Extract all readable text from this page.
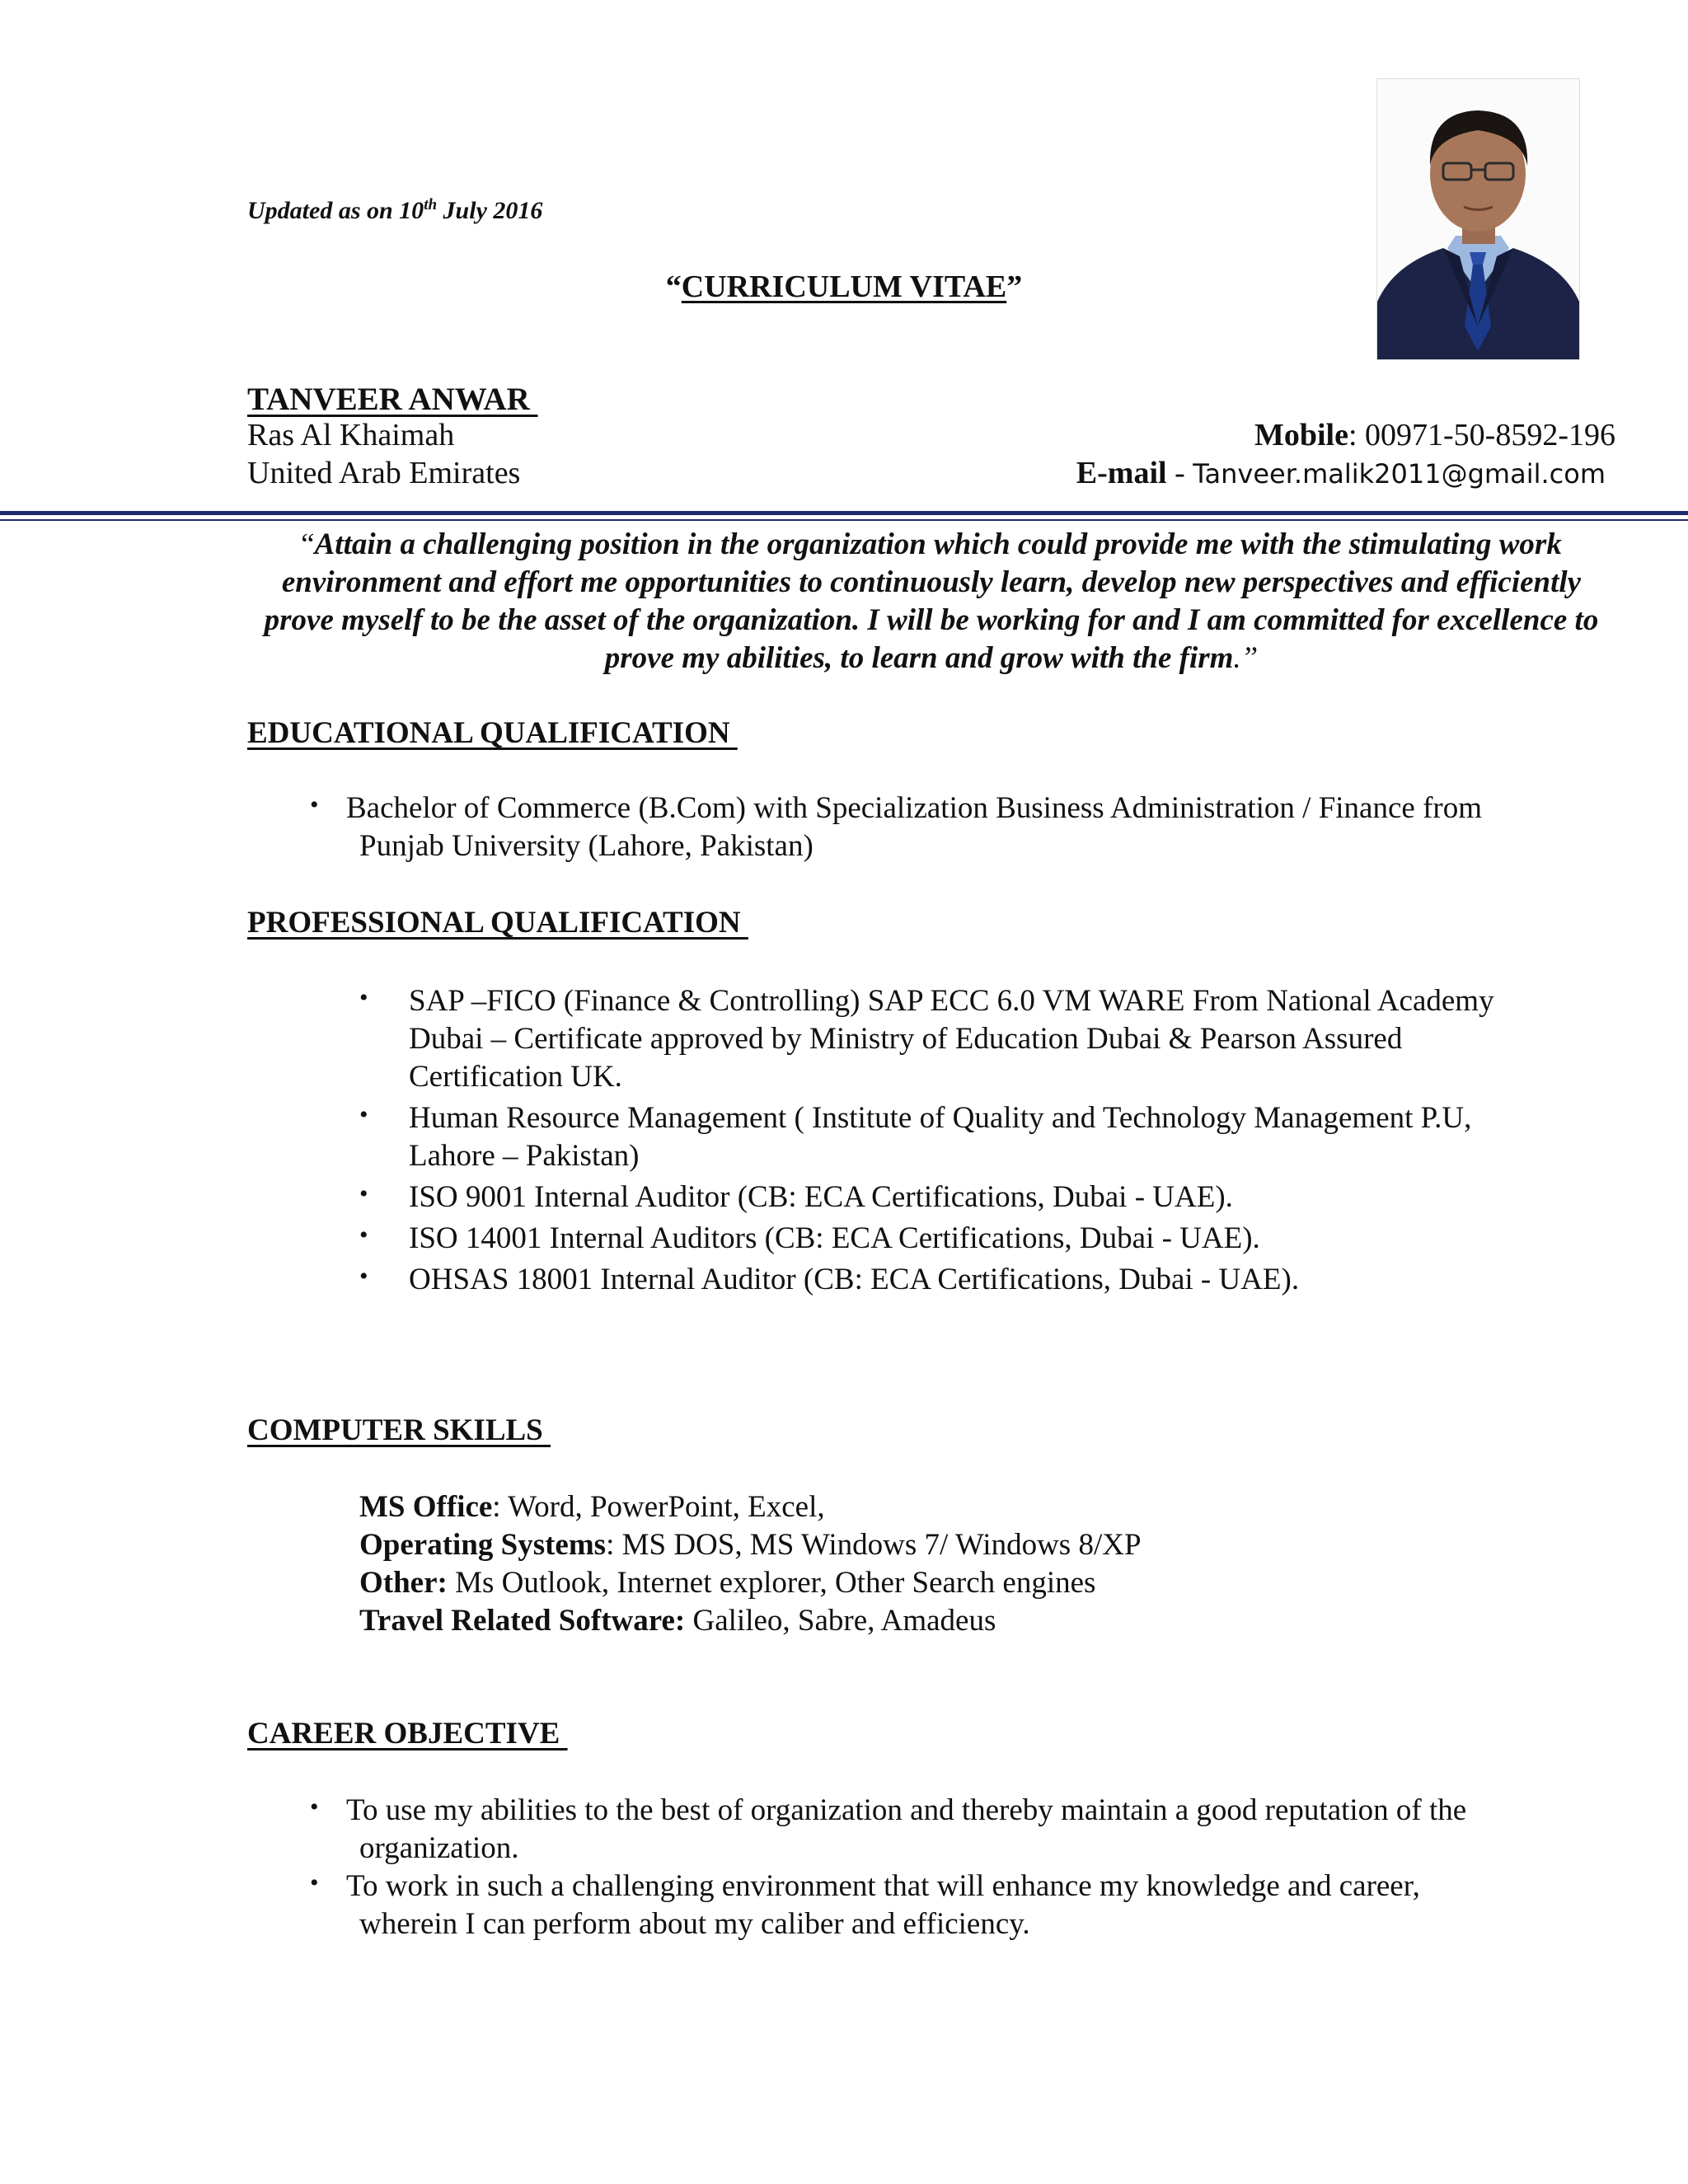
Updated as on 10th July 2016
“CURRICULUM VITAE”
TANVEER ANWAR
Ras Al Khaimah
United Arab Emirates
Mobile: 00971-50-8592-196
E-mail - Tanveer.malik2011@gmail.com
“Attain a challenging position in the organization which could provide me with the stimulating work environment and effort me opportunities to continuously learn, develop new perspectives and efficiently prove myself to be the asset of the organization. I will be working for and I am committed for excellence to prove my abilities, to learn and grow with the firm.”
EDUCATIONAL QUALIFICATION
• Bachelor of Commerce (B.Com) with Specialization Business Administration / Finance from
Punjab University (Lahore, Pakistan)
PROFESSIONAL QUALIFICATION
• SAP –FICO (Finance & Controlling) SAP ECC 6.0 VM WARE From National Academy
Dubai – Certificate approved by Ministry of Education Dubai & Pearson Assured
Certification UK.
• Human Resource Management ( Institute of Quality and Technology Management P.U,
Lahore – Pakistan)
• ISO 9001 Internal Auditor (CB: ECA Certifications, Dubai - UAE).
• ISO 14001 Internal Auditors (CB: ECA Certifications, Dubai - UAE).
• OHSAS 18001 Internal Auditor (CB: ECA Certifications, Dubai - UAE).
COMPUTER SKILLS
MS Office: Word, PowerPoint, Excel,
Operating Systems: MS DOS, MS Windows 7/ Windows 8/XP
Other: Ms Outlook, Internet explorer, Other Search engines
Travel Related Software: Galileo, Sabre, Amadeus
CAREER OBJECTIVE
• To use my abilities to the best of organization and thereby maintain a good reputation of the
organization.
• To work in such a challenging environment that will enhance my knowledge and career,
wherein I can perform about my caliber and efficiency.
